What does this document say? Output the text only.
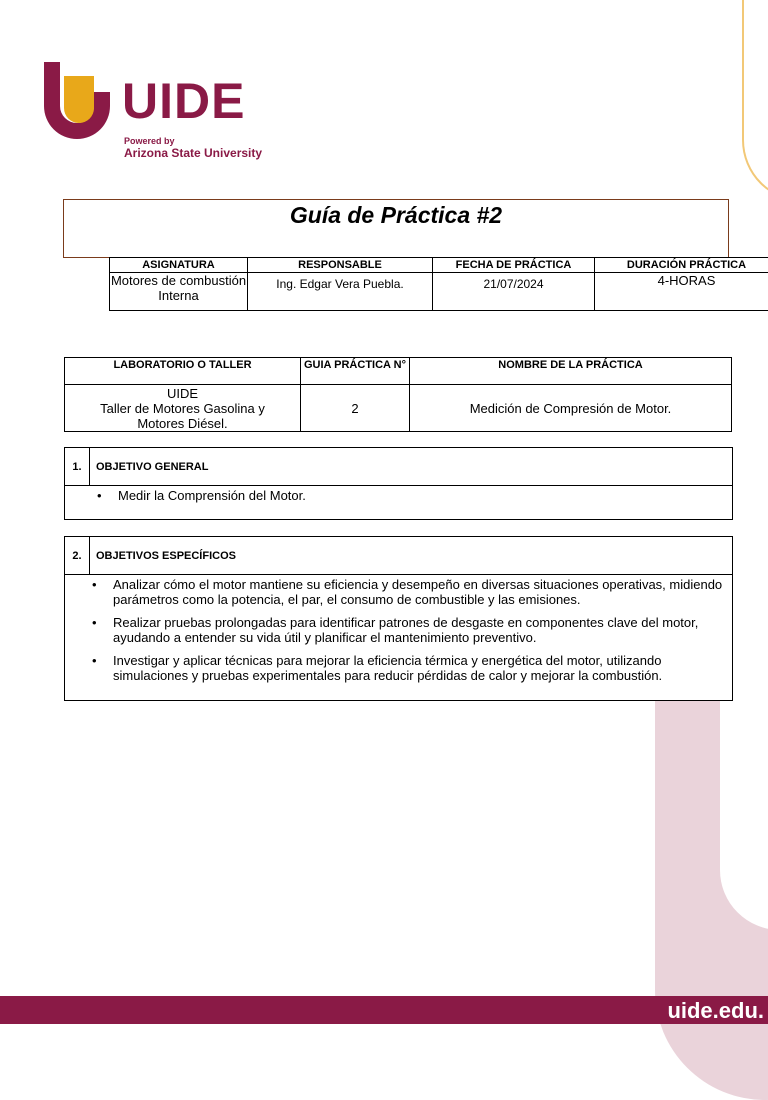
UIDE
Powered by
Arizona State University
Guía de Práctica #2
ASIGNATURA	RESPONSABLE	FECHA DE PRÁCTICA	DURACIÓN PRÁCTICA
Motores de combustión Interna	Ing. Edgar Vera Puebla.	21/07/2024	4-HORAS
LABORATORIO O TALLER	GUIA PRÁCTICA N°	NOMBRE DE LA PRÁCTICA

UIDE
Taller de Motores Gasolina y Motores Diésel.	2	Medición de Compresión de Motor.
1.	OBJETIVO GENERAL
• Medir la Comprensión del Motor.
2.	OBJETIVOS ESPECÍFICOS
• Analizar cómo el motor mantiene su eficiencia y desempeño en diversas situaciones operativas, midiendo parámetros como la potencia, el par, el consumo de combustible y las emisiones.
• Realizar pruebas prolongadas para identificar patrones de desgaste en componentes clave del motor, ayudando a entender su vida útil y planificar el mantenimiento preventivo.
• Investigar y aplicar técnicas para mejorar la eficiencia térmica y energética del motor, utilizando simulaciones y pruebas experimentales para reducir pérdidas de calor y mejorar la combustión.
uide.edu.
